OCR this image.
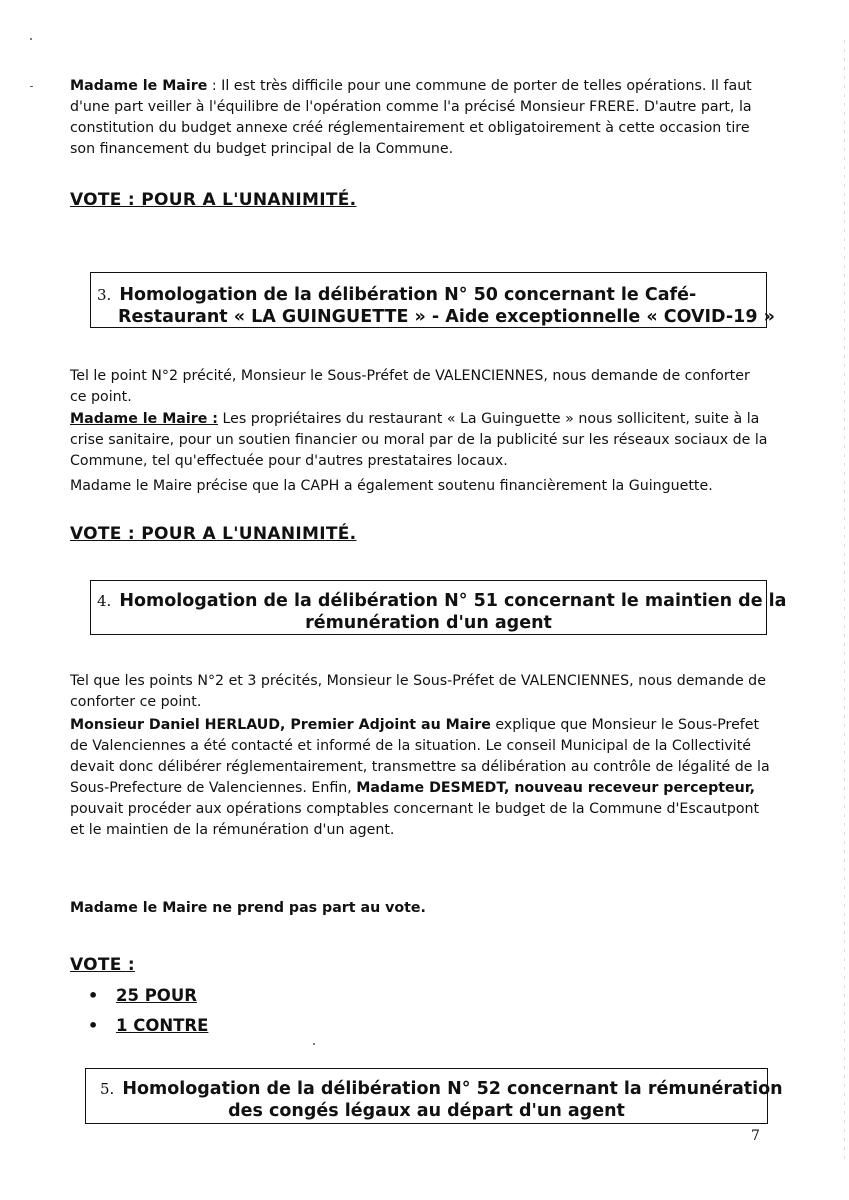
Madame le Maire : Il est très difficile pour une commune de porter de telles opérations. Il faut d'une part veiller à l'équilibre de l'opération comme l'a précisé Monsieur FRERE. D'autre part, la constitution du budget annexe créé réglementairement et obligatoirement à cette occasion tire son financement du budget principal de la Commune.

VOTE : POUR A L'UNANIMITÉ.

3. Homologation de la délibération N° 50 concernant le Café-
Restaurant « LA GUINGUETTE » - Aide exceptionnelle « COVID-19 »

Tel le point N°2 précité, Monsieur le Sous-Préfet de VALENCIENNES, nous demande de conforter ce point.

Madame le Maire : Les propriétaires du restaurant « La Guinguette » nous sollicitent, suite à la crise sanitaire, pour un soutien financier ou moral par de la publicité sur les réseaux sociaux de la Commune, tel qu'effectuée pour d'autres prestataires locaux.

Madame le Maire précise que la CAPH a également soutenu financièrement la Guinguette.

VOTE : POUR A L'UNANIMITÉ.

4. Homologation de la délibération N° 51 concernant le maintien de la
rémunération d'un agent

Tel que les points N°2 et 3 précités, Monsieur le Sous-Préfet de VALENCIENNES, nous demande de conforter ce point.

Monsieur Daniel HERLAUD, Premier Adjoint au Maire explique que Monsieur le Sous-Prefet de Valenciennes a été contacté et informé de la situation. Le conseil Municipal de la Collectivité devait donc délibérer réglementairement, transmettre sa délibération au contrôle de légalité de la Sous-Prefecture de Valenciennes. Enfin, Madame DESMEDT, nouveau receveur percepteur, pouvait procéder aux opérations comptables concernant le budget de la Commune d'Escautpont et le maintien de la rémunération d'un agent.

Madame le Maire ne prend pas part au vote.

VOTE :

• 25 POUR
• 1 CONTRE
5. Homologation de la délibération N° 52 concernant la rémunération
des congés légaux au départ d'un agent
7
